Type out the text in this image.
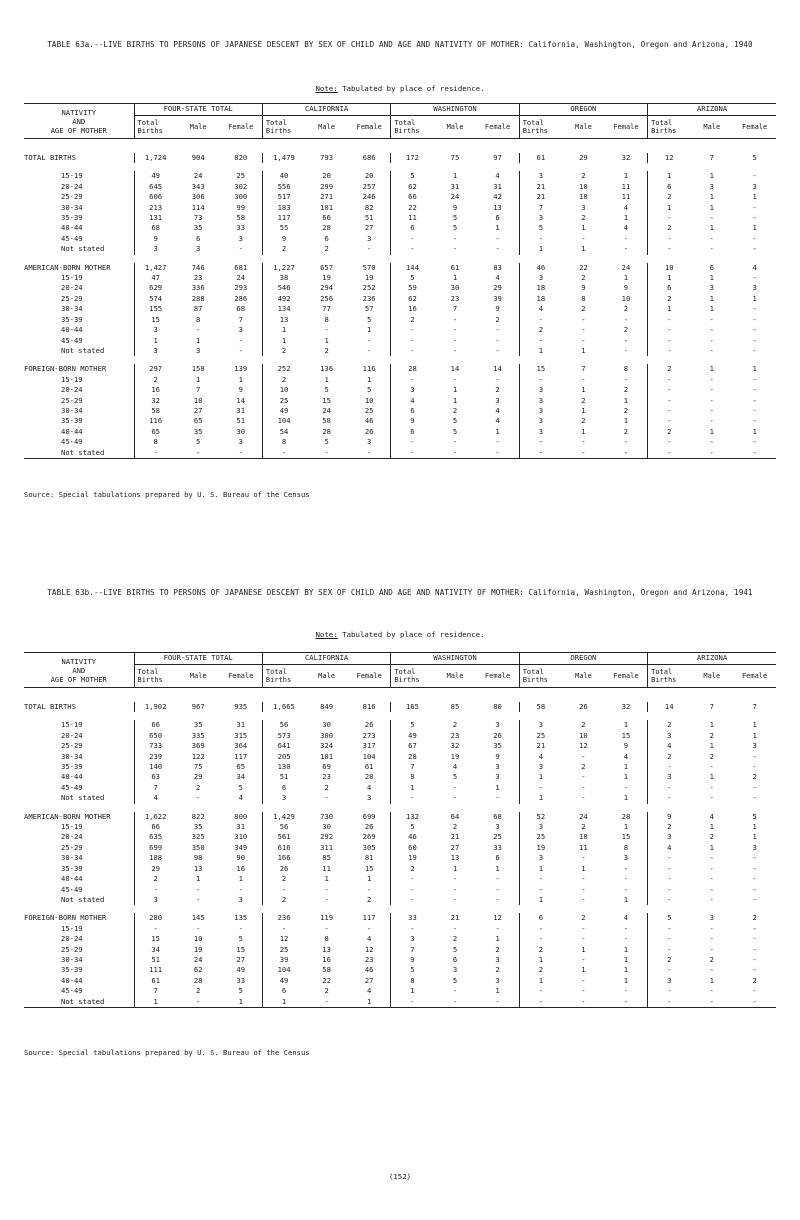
TABLE 63a.--LIVE BIRTHS TO PERSONS OF JAPANESE DESCENT BY SEX OF CHILD AND AGE AND NATIVITY OF MOTHER: California, Washington, Oregon and Arizona, 1940
Note: Tabulated by place of residence.
NATIVITY
AND
AGE OF MOTHER	FOUR-STATE TOTAL			CALIFORNIA			WASHINGTON			OREGON			ARIZONA		
	Total Births	Male	Female	Total Births	Male	Female	Total Births	Male	Female	Total Births	Male	Female	Total Births	Male	Female

TOTAL BIRTHS	1,724	904	820	1,479	793	686	172	75	97	61	29	32	12	7	5

15-19	49	24	25	40	20	20	5	1	4	3	2	1	1	1	-
20-24	645	343	302	556	299	257	62	31	31	21	10	11	6	3	3
25-29	606	306	300	517	271	246	66	24	42	21	10	11	2	1	1
30-34	213	114	99	183	101	82	22	9	13	7	3	4	1	1	-
35-39	131	73	58	117	66	51	11	5	6	3	2	1	-	-	-
40-44	68	35	33	55	28	27	6	5	1	5	1	4	2	1	1
45-49	9	6	3	9	6	3	-	-	-	-	-	-	-	-	-
Not stated	3	3	-	2	2	-	-	-	-	1	1	-	-	-	-

AMERICAN-BORN MOTHER	1,427	746	681	1,227	657	570	144	61	83	46	22	24	10	6	4
15-19	47	23	24	38	19	19	5	1	4	3	2	1	1	1	-
20-24	629	336	293	546	294	252	59	30	29	18	9	9	6	3	3
25-29	574	288	286	492	256	236	62	23	39	18	8	10	2	1	1
30-34	155	87	68	134	77	57	16	7	9	4	2	2	1	1	-
35-39	15	8	7	13	8	5	2	-	2	-	-	-	-	-	-
40-44	3	-	3	1	-	1	-	-	-	2	-	2	-	-	-
45-49	1	1	-	1	1	-	-	-	-	-	-	-	-	-	-
Not stated	3	3	-	2	2	-	-	-	-	1	1	-	-	-	-

FOREIGN-BORN MOTHER	297	158	139	252	136	116	28	14	14	15	7	8	2	1	1
15-19	2	1	1	2	1	1	-	-	-	-	-	-	-	-	-
20-24	16	7	9	10	5	5	3	1	2	3	1	2	-	-	-
25-29	32	18	14	25	15	10	4	1	3	3	2	1	-	-	-
30-34	58	27	31	49	24	25	6	2	4	3	1	2	-	-	-
35-39	116	65	51	104	58	46	9	5	4	3	2	1	-	-	-
40-44	65	35	30	54	28	26	6	5	1	3	1	2	2	1	1
45-49	8	5	3	8	5	3	-	-	-	-	-	-	-	-	-
Not stated	-	-	-	-	-	-	-	-	-	-	-	-	-	-	-
Source: Special tabulations prepared by U. S. Bureau of the Census
TABLE 63b.--LIVE BIRTHS TO PERSONS OF JAPANESE DESCENT BY SEX OF CHILD AND AGE AND NATIVITY OF MOTHER: California, Washington, Oregon and Arizona, 1941
Note: Tabulated by place of residence.
NATIVITY
AND
AGE OF MOTHER	FOUR-STATE TOTAL			CALIFORNIA			WASHINGTON			OREGON			ARIZONA		
	Total Births	Male	Female	Total Births	Male	Female	Total Births	Male	Female	Total Births	Male	Female	Total Births	Male	Female

TOTAL BIRTHS	1,902	967	935	1,665	849	816	165	85	80	58	26	32	14	7	7

15-19	66	35	31	56	30	26	5	2	3	3	2	1	2	1	1
20-24	650	335	315	573	300	273	49	23	26	25	10	15	3	2	1
25-29	733	369	364	641	324	317	67	32	35	21	12	9	4	1	3
30-34	239	122	117	205	101	104	28	19	9	4	-	4	2	2	-
35-39	140	75	65	130	69	61	7	4	3	3	2	1	-	-	-
40-44	63	29	34	51	23	28	8	5	3	1	-	1	3	1	2
45-49	7	2	5	6	2	4	1	-	1	-	-	-	-	-	-
Not stated	4	-	4	3	-	3	-	-	-	1	-	1	-	-	-

AMERICAN-BORN MOTHER	1,622	822	800	1,429	730	699	132	64	68	52	24	28	9	4	5
15-19	66	35	31	56	30	26	5	2	3	3	2	1	2	1	1
20-24	635	325	310	561	292	269	46	21	25	25	10	15	3	2	1
25-29	699	350	349	616	311	305	60	27	33	19	11	8	4	1	3
30-34	188	98	90	166	85	81	19	13	6	3	-	3	-	-	-
35-39	29	13	16	26	11	15	2	1	1	1	1	-	-	-	-
40-44	2	1	1	2	1	1	-	-	-	-	-	-	-	-	-
45-49	-	-	-	-	-	-	-	-	-	-	-	-	-	-	-
Not stated	3	-	3	2	-	2	-	-	-	1	-	1	-	-	-

FOREIGN-BORN MOTHER	280	145	135	236	119	117	33	21	12	6	2	4	5	3	2
15-19	-	-	-	-	-	-	-	-	-	-	-	-	-	-	-
20-24	15	10	5	12	8	4	3	2	1	-	-	-	-	-	-
25-29	34	19	15	25	13	12	7	5	2	2	1	1	-	-	-
30-34	51	24	27	39	16	23	9	6	3	1	-	1	2	2	-
35-39	111	62	49	104	58	46	5	3	2	2	1	1	-	-	-
40-44	61	28	33	49	22	27	8	5	3	1	-	1	3	1	2
45-49	7	2	5	6	2	4	1	-	1	-	-	-	-	-	-
Not stated	1	-	1	1	-	1	-	-	-	-	-	-	-	-	-
Source: Special tabulations prepared by U. S. Bureau of the Census
(152)
